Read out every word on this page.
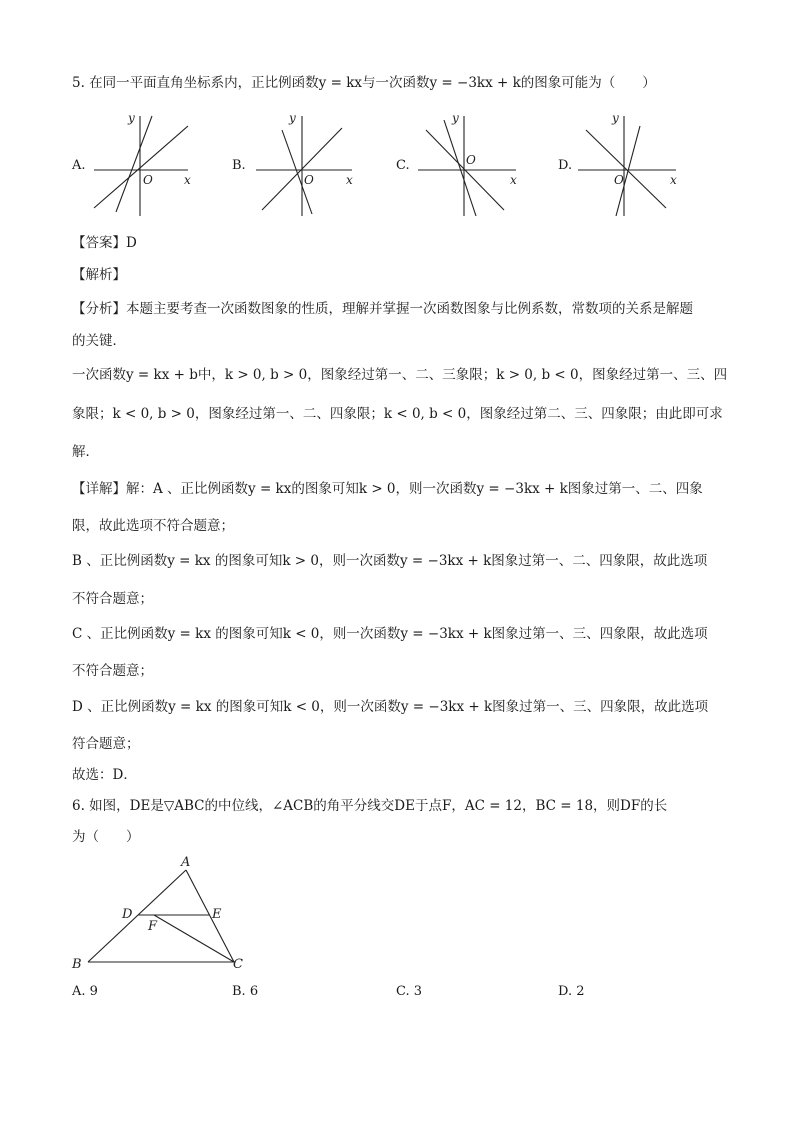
5. 在同一平面直角坐标系内，正比例函数y = kx与一次函数y = −3kx + k的图象可能为（　　）
A.	B.	C.	D.
y
x
O
y
x
O
y
x
O
y
x
O
【答案】D
【解析】
【分析】本题主要考查一次函数图象的性质，理解并掌握一次函数图象与比例系数，常数项的关系是解题
的关键．
一次函数y = kx + b中，k > 0, b > 0，图象经过第一、二、三象限；k > 0, b < 0，图象经过第一、三、四
象限；k < 0, b > 0，图象经过第一、二、四象限；k < 0, b < 0，图象经过第二、三、四象限；由此即可求
解．
【详解】解：A 、正比例函数y = kx的图象可知k > 0，则一次函数y = −3kx + k图象过第一、二、四象
限，故此选项不符合题意；
B 、正比例函数y = kx 的图象可知k > 0，则一次函数y = −3kx + k图象过第一、二、四象限，故此选项
不符合题意；
C 、正比例函数y = kx 的图象可知k < 0，则一次函数y = −3kx + k图象过第一、三、四象限，故此选项
不符合题意；
D 、正比例函数y = kx 的图象可知k < 0，则一次函数y = −3kx + k图象过第一、三、四象限，故此选项
符合题意；
故选：D．
6. 如图，DE是▽ABC的中位线，∠ACB的角平分线交DE于点F，AC = 12，BC = 18，则DF的长
为（　　）
A
B	C
D	E
F
A. 9	B. 6	C. 3	D. 2
